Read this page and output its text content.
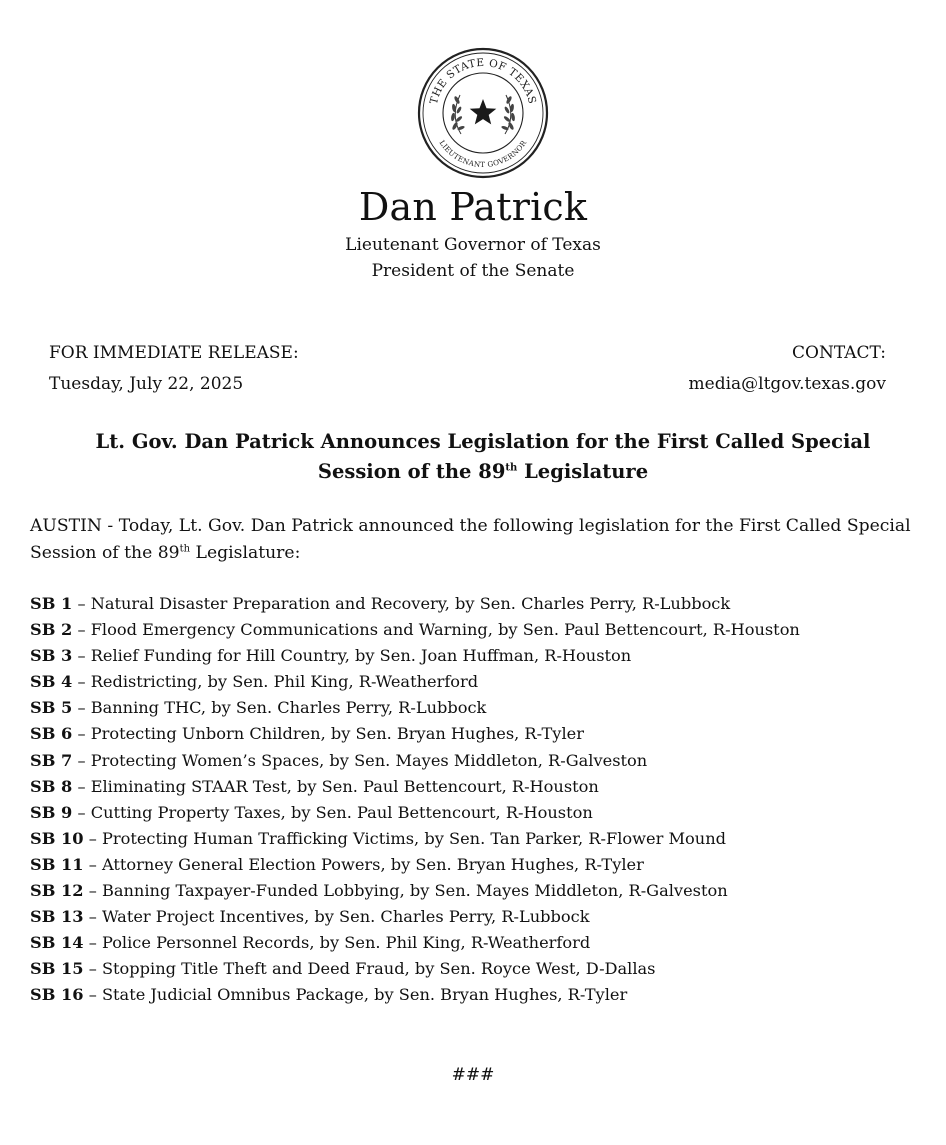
THE STATE OF TEXAS
LIEUTENANT GOVERNOR
Dan Patrick
Lieutenant Governor of Texas
President of the Senate
FOR IMMEDIATE RELEASE:
Tuesday, July 22, 2025
CONTACT:
media@ltgov.texas.gov
Lt. Gov. Dan Patrick Announces Legislation for the First Called Special
Session of the 89th Legislature
AUSTIN - Today, Lt. Gov. Dan Patrick announced the following legislation for the First Called Special Session of the 89th Legislature:
SB 1 – Natural Disaster Preparation and Recovery, by Sen. Charles Perry, R-Lubbock
SB 2 – Flood Emergency Communications and Warning, by Sen. Paul Bettencourt, R-Houston
SB 3 – Relief Funding for Hill Country, by Sen. Joan Huffman, R-Houston
SB 4 – Redistricting, by Sen. Phil King, R-Weatherford
SB 5 – Banning THC, by Sen. Charles Perry, R-Lubbock
SB 6 – Protecting Unborn Children, by Sen. Bryan Hughes, R-Tyler
SB 7 – Protecting Women’s Spaces, by Sen. Mayes Middleton, R-Galveston
SB 8 – Eliminating STAAR Test, by Sen. Paul Bettencourt, R-Houston
SB 9 – Cutting Property Taxes, by Sen. Paul Bettencourt, R-Houston
SB 10 – Protecting Human Trafficking Victims, by Sen. Tan Parker, R-Flower Mound
SB 11 – Attorney General Election Powers, by Sen. Bryan Hughes, R-Tyler
SB 12 – Banning Taxpayer-Funded Lobbying, by Sen. Mayes Middleton, R-Galveston
SB 13 – Water Project Incentives, by Sen. Charles Perry, R-Lubbock
SB 14 – Police Personnel Records, by Sen. Phil King, R-Weatherford
SB 15 – Stopping Title Theft and Deed Fraud, by Sen. Royce West, D-Dallas
SB 16 – State Judicial Omnibus Package, by Sen. Bryan Hughes, R-Tyler
###
